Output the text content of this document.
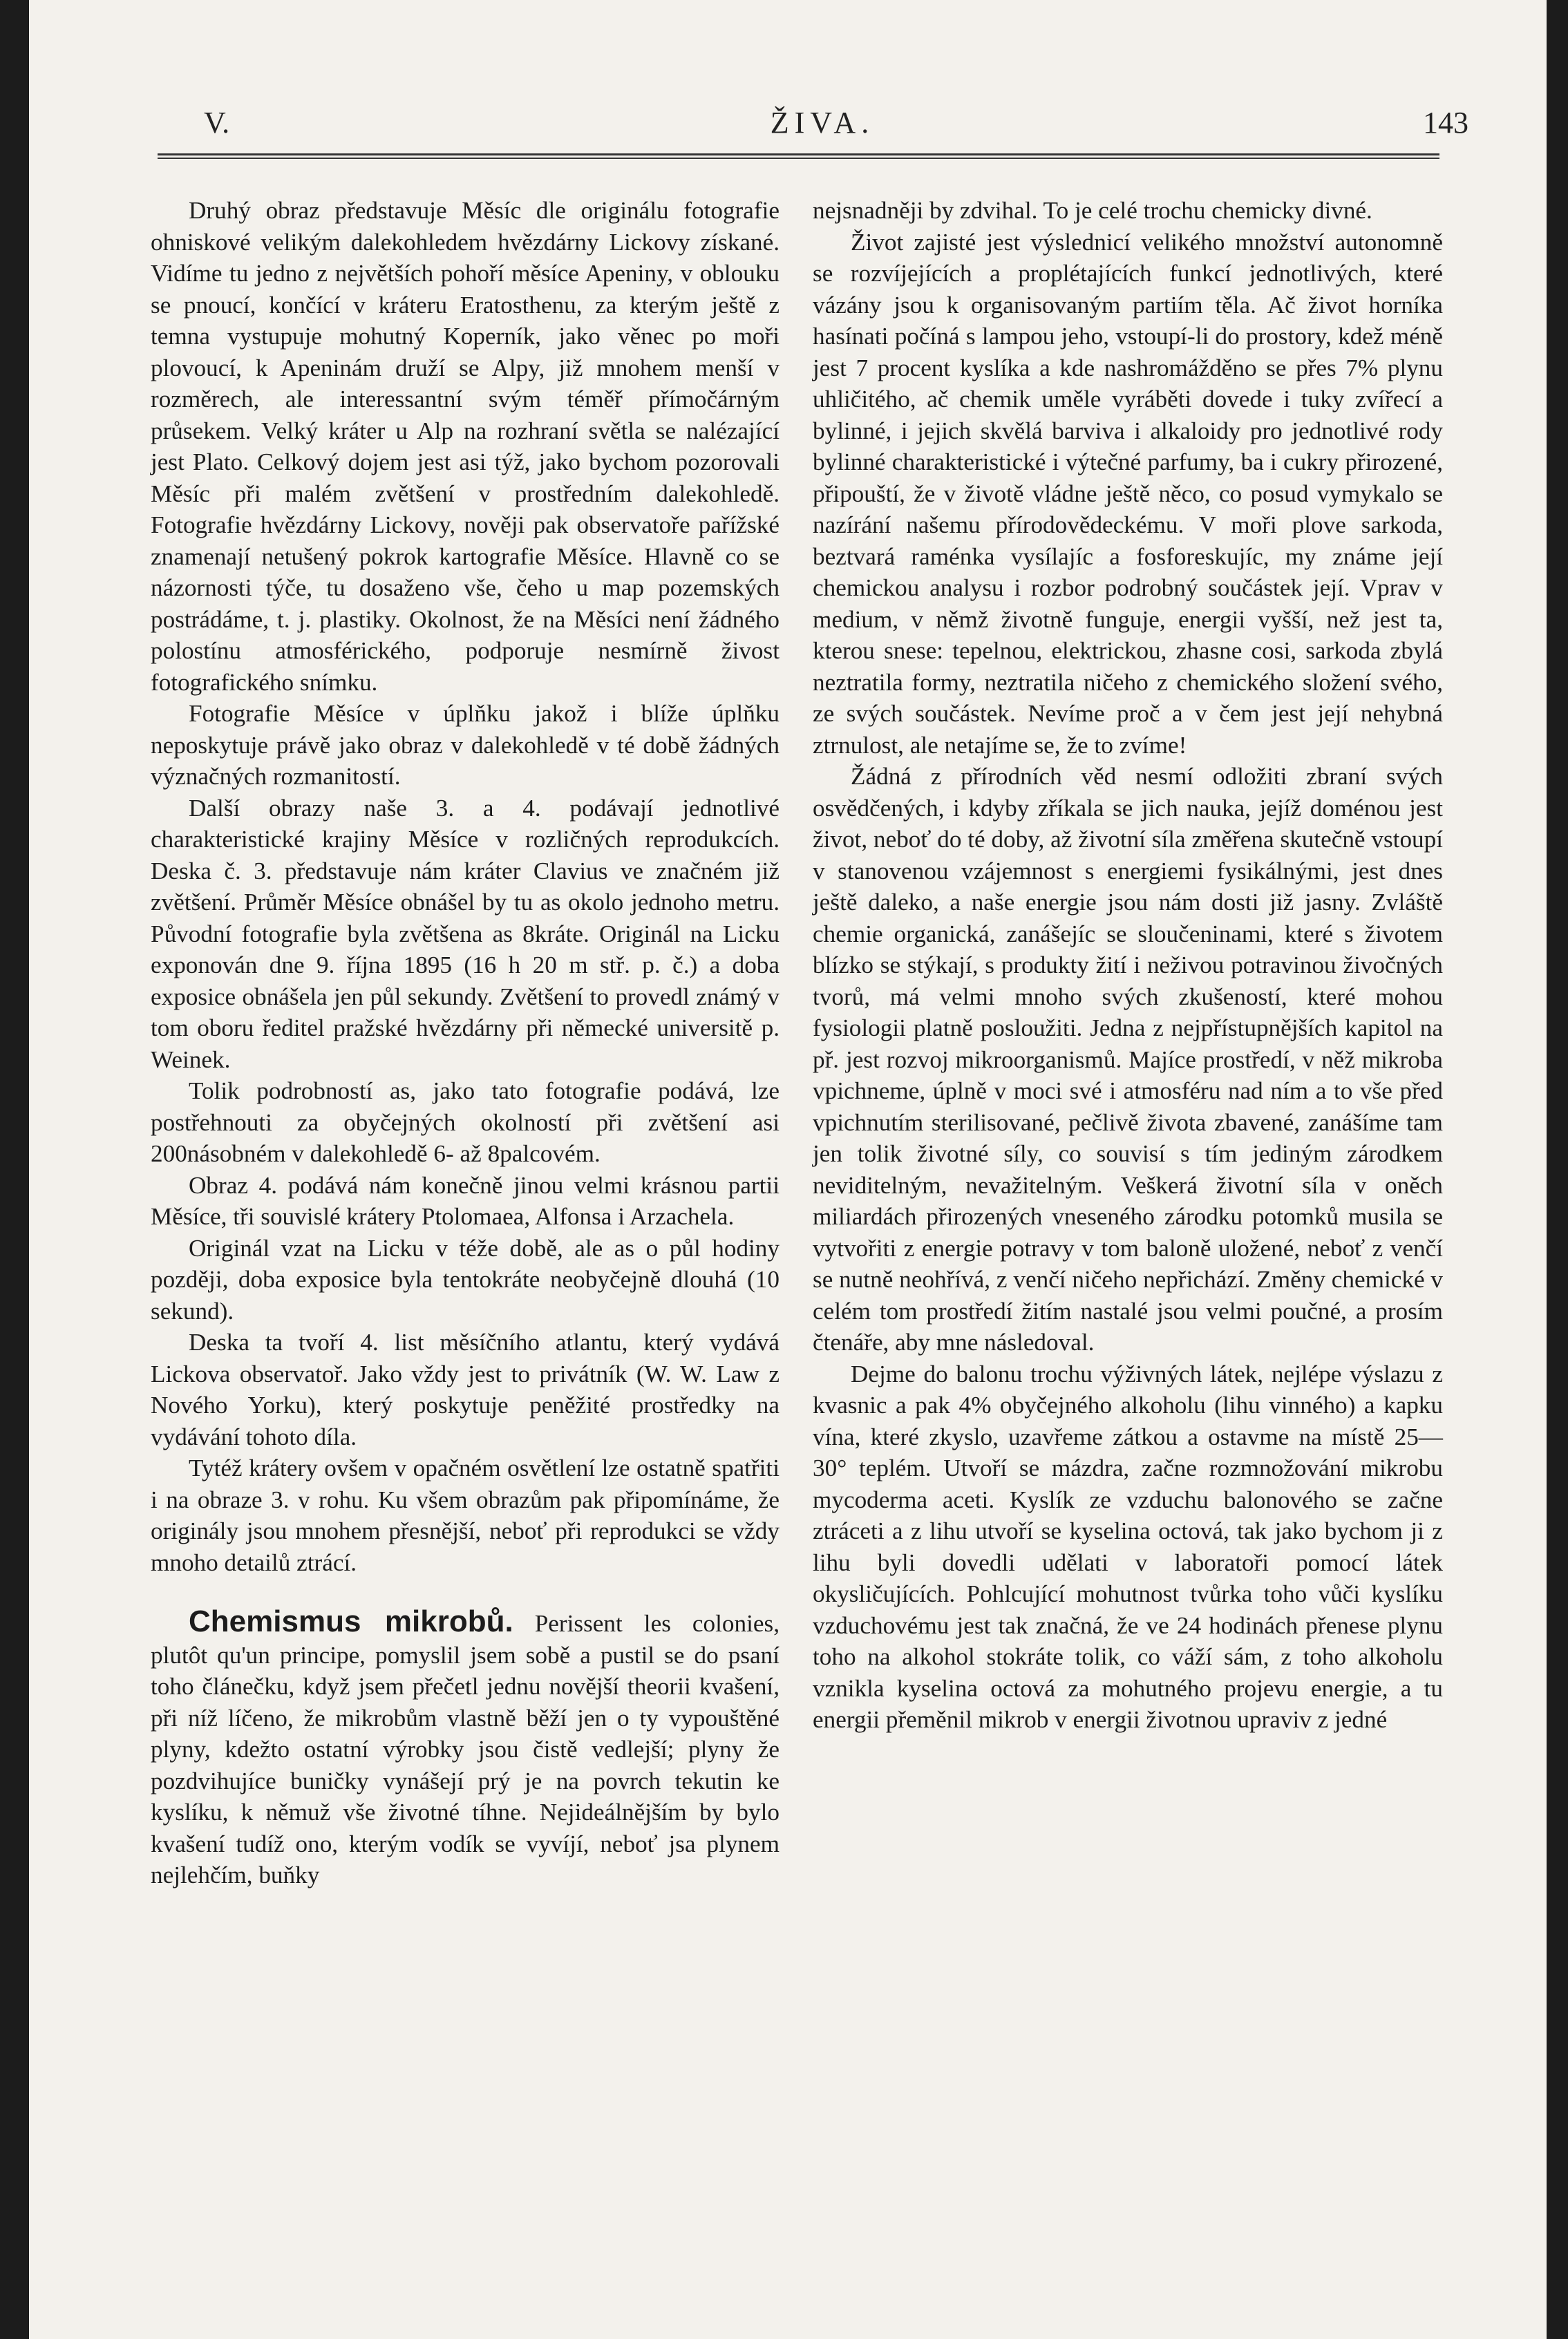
V.	ŽIVA.	143

Druhý obraz představuje Měsíc dle originálu fotografie ohniskové velikým dalekohledem hvězdárny Lickovy získané. Vidíme tu jedno z největších pohoří měsíce Apeniny, v oblouku se pnoucí, končící v kráteru Eratosthenu, za kterým ještě z temna vystupuje mohutný Koperník, jako věnec po moři plovoucí, k Apeninám druží se Alpy, již mnohem menší v rozměrech, ale interessantní svým téměř přímočárným průsekem. Velký kráter u Alp na rozhraní světla se nalézající jest Plato. Celkový dojem jest asi týž, jako bychom pozorovali Měsíc při malém zvětšení v prostředním dalekohledě. Fotografie hvězdárny Lickovy, nověji pak observatoře pařížské znamenají netušený pokrok kartografie Měsíce. Hlavně co se názornosti týče, tu dosaženo vše, čeho u map pozemských postrádáme, t. j. plastiky. Okolnost, že na Měsíci není žádného polostínu atmosférického, podporuje nesmírně živost fotografického snímku.

Fotografie Měsíce v úplňku jakož i blíže úplňku neposkytuje právě jako obraz v dalekohledě v té době žádných význačných rozmanitostí.

Další obrazy naše 3. a 4. podávají jednotlivé charakteristické krajiny Měsíce v rozličných reprodukcích. Deska č. 3. představuje nám kráter Clavius ve značném již zvětšení. Průměr Měsíce obnášel by tu as okolo jednoho metru. Původní fotografie byla zvětšena as 8kráte. Originál na Licku exponován dne 9. října 1895 (16 h 20 m stř. p. č.) a doba exposice obnášela jen půl sekundy. Zvětšení to provedl známý v tom oboru ředitel pražské hvězdárny při německé universitě p. Weinek.

Tolik podrobností as, jako tato fotografie podává, lze postřehnouti za obyčejných okolností při zvětšení asi 200násobném v dalekohledě 6- až 8palcovém.

Obraz 4. podává nám konečně jinou velmi krásnou partii Měsíce, tři souvislé krátery Ptolomaea, Alfonsa i Arzachela.

Originál vzat na Licku v téže době, ale as o půl hodiny později, doba exposice byla tentokráte neobyčejně dlouhá (10 sekund).

Deska ta tvoří 4. list měsíčního atlantu, který vydává Lickova observatoř. Jako vždy jest to privátník (W. W. Law z Nového Yorku), který poskytuje peněžité prostředky na vydávání tohoto díla.

Tytéž krátery ovšem v opačném osvětlení lze ostatně spatřiti i na obraze 3. v rohu. Ku všem obrazům pak připomínáme, že originály jsou mnohem přesnější, neboť při reprodukci se vždy mnoho detailů ztrácí.

Chemismus mikrobů. Perissent les colonies, plutôt qu'un principe, pomyslil jsem sobě a pustil se do psaní toho článečku, když jsem přečetl jednu novější theorii kvašení, při níž líčeno, že mikrobům vlastně běží jen o ty vypouštěné plyny, kdežto ostatní výrobky jsou čistě vedlejší; plyny že pozdvihujíce buničky vynášejí prý je na povrch tekutin ke kyslíku, k němuž vše životné tíhne. Nejideálnějším by bylo kvašení tudíž ono, kterým vodík se vyvíjí, neboť jsa plynem nejlehčím, buňky

nejsnadněji by zdvihal. To je celé trochu chemicky divné.

Život zajisté jest výslednicí velikého množství autonomně se rozvíjejících a proplétajících funkcí jednotlivých, které vázány jsou k organisovaným partiím těla. Ač život horníka hasínati počíná s lampou jeho, vstoupí-li do prostory, kdež méně jest 7 procent kyslíka a kde nashromážděno se přes 7% plynu uhličitého, ač chemik uměle vyráběti dovede i tuky zvířecí a bylinné, i jejich skvělá barviva i alkaloidy pro jednotlivé rody bylinné charakteristické i výtečné parfumy, ba i cukry přirozené, připouští, že v životě vládne ještě něco, co posud vymykalo se nazírání našemu přírodovědeckému. V moři plove sarkoda, beztvará raménka vysílajíc a fosforeskujíc, my známe její chemickou analysu i rozbor podrobný součástek její. Vprav v medium, v němž životně funguje, energii vyšší, než jest ta, kterou snese: tepelnou, elektrickou, zhasne cosi, sarkoda zbylá neztratila formy, neztratila ničeho z chemického složení svého, ze svých součástek. Nevíme proč a v čem jest její nehybná ztrnulost, ale netajíme se, že to zvíme!

Žádná z přírodních věd nesmí odložiti zbraní svých osvědčených, i kdyby zříkala se jich nauka, jejíž doménou jest život, neboť do té doby, až životní síla změřena skutečně vstoupí v stanovenou vzájemnost s energiemi fysikálnými, jest dnes ještě daleko, a naše energie jsou nám dosti již jasny. Zvláště chemie organická, zanášejíc se sloučeninami, které s životem blízko se stýkají, s produkty žití i neživou potravinou živočných tvorů, má velmi mnoho svých zkušeností, které mohou fysiologii platně posloužiti. Jedna z nejpřístupnějších kapitol na př. jest rozvoj mikroorganismů. Majíce prostředí, v něž mikroba vpichneme, úplně v moci své i atmosféru nad ním a to vše před vpichnutím sterilisované, pečlivě života zbavené, zanášíme tam jen tolik životné síly, co souvisí s tím jediným zárodkem neviditelným, nevažitelným. Veškerá životní síla v oněch miliardách přirozených vneseného zárodku potomků musila se vytvořiti z energie potravy v tom baloně uložené, neboť z venčí se nutně neohřívá, z venčí ničeho nepřichází. Změny chemické v celém tom prostředí žitím nastalé jsou velmi poučné, a prosím čtenáře, aby mne následoval.

Dejme do balonu trochu výživných látek, nejlépe výslazu z kvasnic a pak 4% obyčejného alkoholu (lihu vinného) a kapku vína, které zkyslo, uzavřeme zátkou a ostavme na místě 25—30° teplém. Utvoří se mázdra, začne rozmnožování mikrobu mycoderma aceti. Kyslík ze vzduchu balonového se začne ztráceti a z lihu utvoří se kyselina octová, tak jako bychom ji z lihu byli dovedli udělati v laboratoři pomocí látek okysličujících. Pohlcující mohutnost tvůrka toho vůči kyslíku vzduchovému jest tak značná, že ve 24 hodinách přenese plynu toho na alkohol stokráte tolik, co váží sám, z toho alkoholu vznikla kyselina octová za mohutného projevu energie, a tu energii přeměnil mikrob v energii životnou upraviv z jedné
